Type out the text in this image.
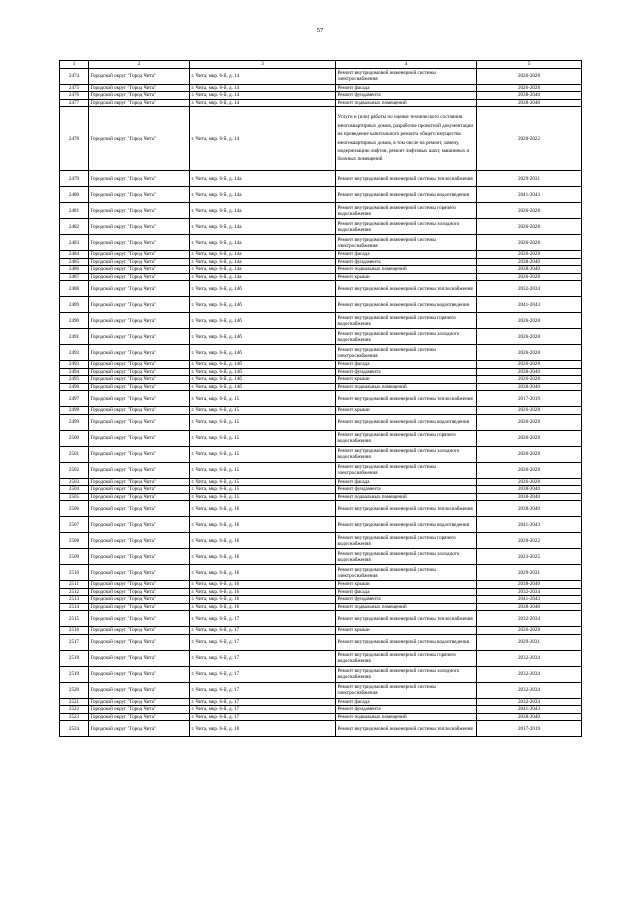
57
1	2	3	4	5
2474	Городской округ "Город Чита"	г. Чита, мкр. 6-й, д. 14	Ремонт внутридомовой инженерной системы электроснабжения	2026-2028
2475	Городской округ "Город Чита"	г. Чита, мкр. 6-й, д. 14	Ремонт фасада	2026-2028
2476	Городской округ "Город Чита"	г. Чита, мкр. 6-й, д. 14	Ремонт фундамента	2038-2040
2477	Городской округ "Город Чита"	г. Чита, мкр. 6-й, д. 14	Ремонт подвальных помещений	2038-2040
2478	Городской округ "Город Чита"	г. Чита, мкр. 6-й, д. 14	Услуги и (или) работы по оценке технического состояния многоквартирных домов, разработке проектной документации на проведение капитального ремонта общего имущества многоквартирных домов, в том числе на ремонт, замену, модернизацию лифтов, ремонт лифтовых шахт, машинных и блочных помещений	2020-2022
2479	Городской округ "Город Чита"	г. Чита, мкр. 6-й, д. 14а	Ремонт внутридомовой инженерной системы теплоснабжения	2029-2031
2480	Городской округ "Город Чита"	г. Чита, мкр. 6-й, д. 14а	Ремонт внутридомовой инженерной системы водоотведения	2041-2043
2481	Городской округ "Город Чита"	г. Чита, мкр. 6-й, д. 14а	Ремонт внутридомовой инженерной системы горячего водоснабжения	2026-2028
2482	Городской округ "Город Чита"	г. Чита, мкр. 6-й, д. 14а	Ремонт внутридомовой инженерной системы холодного водоснабжения	2026-2028
2483	Городской округ "Город Чита"	г. Чита, мкр. 6-й, д. 14а	Ремонт внутридомовой инженерной системы электроснабжения	2026-2028
2484	Городской округ "Город Чита"	г. Чита, мкр. 6-й, д. 14а	Ремонт фасада	2026-2028
2485	Городской округ "Город Чита"	г. Чита, мкр. 6-й, д. 14а	Ремонт фундамента	2038-2040
2486	Городской округ "Город Чита"	г. Чита, мкр. 6-й, д. 14а	Ремонт подвальных помещений	2038-2040
2487	Городской округ "Город Чита"	г. Чита, мкр. 6-й, д. 14а	Ремонт крыши	2026-2028
2488	Городской округ "Город Чита"	г. Чита, мкр. 6-й, д. 14б	Ремонт внутридомовой инженерной системы теплоснабжения	2032-2034
2489	Городской округ "Город Чита"	г. Чита, мкр. 6-й, д. 14б	Ремонт внутридомовой инженерной системы водоотведения	2041-2043
2490	Городской округ "Город Чита"	г. Чита, мкр. 6-й, д. 14б	Ремонт внутридомовой инженерной системы горячего водоснабжения	2026-2028
2491	Городской округ "Город Чита"	г. Чита, мкр. 6-й, д. 14б	Ремонт внутридомовой инженерной системы холодного водоснабжения	2026-2028
2492	Городской округ "Город Чита"	г. Чита, мкр. 6-й, д. 14б	Ремонт внутридомовой инженерной системы электроснабжения	2026-2028
2493	Городской округ "Город Чита"	г. Чита, мкр. 6-й, д. 14б	Ремонт фасада	2026-2028
2494	Городской округ "Город Чита"	г. Чита, мкр. 6-й, д. 14б	Ремонт фундамента	2038-2040
2495	Городской округ "Город Чита"	г. Чита, мкр. 6-й, д. 14б	Ремонт крыши	2026-2028
2496	Городской округ "Город Чита"	г. Чита, мкр. 6-й, д. 14б	Ремонт подвальных помещений	2038-2040
2497	Городской округ "Город Чита"	г. Чита, мкр. 6-й, д. 15	Ремонт внутридомовой инженерной системы теплоснабжения	2017-2019
2498	Городской округ "Город Чита"	г. Чита, мкр. 6-й, д. 15	Ремонт крыши	2026-2028
2499	Городской округ "Город Чита"	г. Чита, мкр. 6-й, д. 15	Ремонт внутридомовой инженерной системы водоотведения	2026-2028
2500	Городской округ "Город Чита"	г. Чита, мкр. 6-й, д. 15	Ремонт внутридомовой инженерной системы горячего водоснабжения	2026-2028
2501	Городской округ "Город Чита"	г. Чита, мкр. 6-й, д. 15	Ремонт внутридомовой инженерной системы холодного водоснабжения	2026-2028
2502	Городской округ "Город Чита"	г. Чита, мкр. 6-й, д. 15	Ремонт внутридомовой инженерной системы электроснабжения	2026-2028
2503	Городской округ "Город Чита"	г. Чита, мкр. 6-й, д. 15	Ремонт фасада	2026-2028
2504	Городской округ "Город Чита"	г. Чита, мкр. 6-й, д. 15	Ремонт фундамента	2038-2040
2505	Городской округ "Город Чита"	г. Чита, мкр. 6-й, д. 15	Ремонт подвальных помещений	2038-2040
2506	Городской округ "Город Чита"	г. Чита, мкр. 6-й, д. 16	Ремонт внутридомовой инженерной системы теплоснабжения	2038-2040
2507	Городской округ "Город Чита"	г. Чита, мкр. 6-й, д. 16	Ремонт внутридомовой инженерной системы водоотведения	2041-2043
2508	Городской округ "Город Чита"	г. Чита, мкр. 6-й, д. 16	Ремонт внутридомовой инженерной системы горячего водоснабжения	2020-2022
2509	Городской округ "Город Чита"	г. Чита, мкр. 6-й, д. 16	Ремонт внутридомовой инженерной системы холодного водоснабжения	2023-2025
2510	Городской округ "Город Чита"	г. Чита, мкр. 6-й, д. 16	Ремонт внутридомовой инженерной системы электроснабжения	2029-2031
2511	Городской округ "Город Чита"	г. Чита, мкр. 6-й, д. 16	Ремонт крыши	2038-2040
2512	Городской округ "Город Чита"	г. Чита, мкр. 6-й, д. 16	Ремонт фасада	2032-2034
2513	Городской округ "Город Чита"	г. Чита, мкр. 6-й, д. 16	Ремонт фундамента	2041-2043
2514	Городской округ "Город Чита"	г. Чита, мкр. 6-й, д. 16	Ремонт подвальных помещений	2038-2040
2515	Городской округ "Город Чита"	г. Чита, мкр. 6-й, д. 17	Ремонт внутридомовой инженерной системы теплоснабжения	2032-2034
2516	Городской округ "Город Чита"	г. Чита, мкр. 6-й, д. 17	Ремонт крыши	2026-2028
2517	Городской округ "Город Чита"	г. Чита, мкр. 6-й, д. 17	Ремонт внутридомовой инженерной системы водоотведения	2029-2031
2518	Городской округ "Город Чита"	г. Чита, мкр. 6-й, д. 17	Ремонт внутридомовой инженерной системы горячего водоснабжения	2032-2034
2519	Городской округ "Город Чита"	г. Чита, мкр. 6-й, д. 17	Ремонт внутридомовой инженерной системы холодного водоснабжения	2032-2034
2520	Городской округ "Город Чита"	г. Чита, мкр. 6-й, д. 17	Ремонт внутридомовой инженерной системы электроснабжения	2032-2034
2521	Городской округ "Город Чита"	г. Чита, мкр. 6-й, д. 17	Ремонт фасада	2032-2034
2522	Городской округ "Город Чита"	г. Чита, мкр. 6-й, д. 17	Ремонт фундамента	2041-2043
2523	Городской округ "Город Чита"	г. Чита, мкр. 6-й, д. 17	Ремонт подвальных помещений	2038-2040
2524	Городской округ "Город Чита"	г. Чита, мкр. 6-й, д. 18	Ремонт внутридомовой инженерной системы теплоснабжения	2017-2019
